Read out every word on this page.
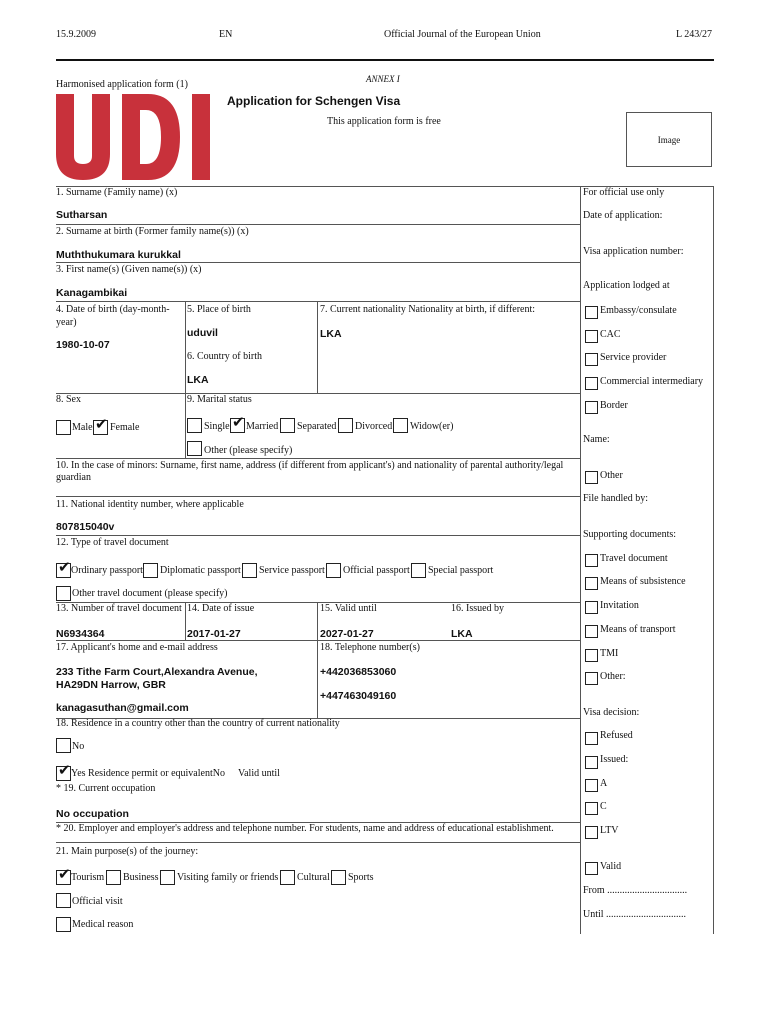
15.9.2009	EN	Official Journal of the European Union	L 243/27
Harmonised application form (1)	ANNEX I
Application for Schengen Visa
This application form is free
Image
1. Surname (Family name) (x)
Sutharsan
2. Surname at birth (Former family name(s)) (x)
Muththukumara kurukkal
3. First name(s) (Given name(s)) (x)
Kanagambikai
4. Date of birth (day-month-
year)
1980-10-07
5. Place of birth
uduvil
6. Country of birth
LKA
7. Current nationality Nationality at birth, if different:
LKA
8. Sex
Male ✔ Female
9. Marital status
Single ✔ Married Separated Divorced Widow(er)
Other (please specify)
10. In the case of minors: Surname, first name, address (if different from applicant's) and nationality of parental authority/legal
guardian
11. National identity number, where applicable
807815040v
12. Type of travel document
✔ Ordinary passport Diplomatic passport Service passport Official passport Special passport
Other travel document (please specify)
13. Number of travel document
N6934364
14. Date of issue
2017-01-27
15. Valid until
2027-01-27
16. Issued by
LKA
17. Applicant's home and e-mail address
233 Tithe Farm Court,Alexandra Avenue,
HA29DN Harrow, GBR
kanagasuthan@gmail.com
18. Telephone number(s)
+442036853060
+447463049160
18. Residence in a country other than the country of current nationality
No
✔ Yes Residence permit or equivalentNo Valid until
* 19. Current occupation
No occupation
* 20. Employer and employer's address and telephone number. For students, name and address of educational establishment.
21. Main purpose(s) of the journey:
✔ Tourism Business Visiting family or friends Cultural Sports
Official visit
Medical reason
For official use only
Date of application:
Visa application number:
Application lodged at
Embassy/consulate
CAC
Service provider
Commercial intermediary
Border
Name:
Other
File handled by:
Supporting documents:
Travel document
Means of subsistence
Invitation
Means of transport
TMI
Other:
Visa decision:
Refused
Issued:
A
C
LTV
Valid
From ................................
Until ................................
